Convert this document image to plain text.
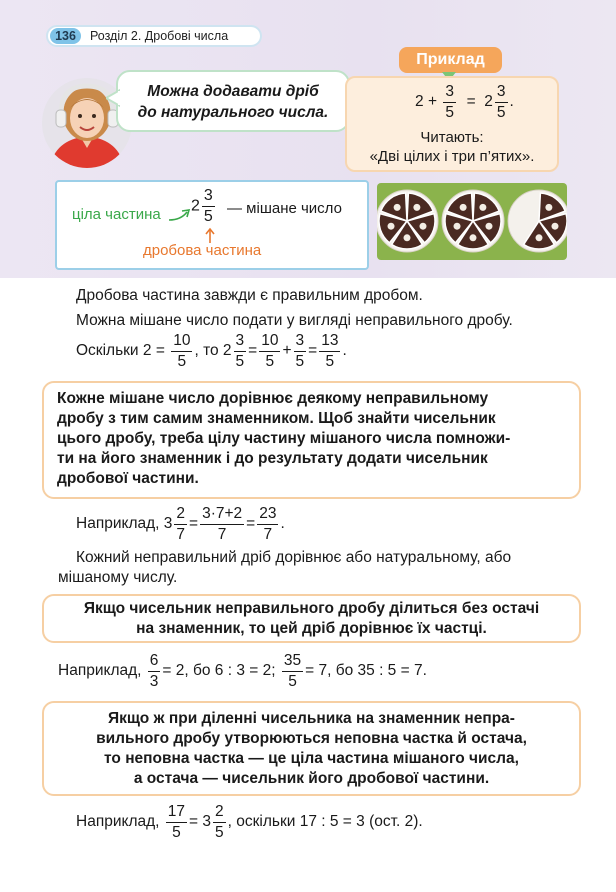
136	Розділ 2. Дробові числа
Можна додавати дріб
до натурального числа.
Приклад
$2 + \frac{3}{5} = 2 \frac{3}{5}$ .
Читають:
«Дві цілих і три п’ятих».
ціла частина $2 \frac{3}{5}$ — мішане число
дробова частина
Дробова частина завжди є правильним дробом.
Можна мішане число подати у вигляді неправильного дробу.
Оскільки $2 = \frac{10}{5}$ , то $2 \frac{3}{5} = \frac{10}{5} + \frac{3}{5} = \frac{13}{5}$ .
Кожне мішане число дорівнює деякому неправильному
дробу з тим самим знаменником. Щоб знайти чисельник
цього дробу, треба цілу частину мішаного числа помножи-
ти на його знаменник і до результату додати чисельник
дробової частини.
Наприклад, $3 \frac{2}{7} = \frac{3\cdot 7+2}{7} = \frac{23}{7}$ .
Кожний неправильний дріб дорівнює або натуральному, або
мішаному числу.
Якщо чисельник неправильного дробу ділиться без остачі
на знаменник, то цей дріб дорівнює їх частці.
Наприклад, $\frac{6}{3} = 2$, бо 6 : 3 = 2; $\frac{35}{5} = 7$, бо 35 : 5 = 7.
Якщо ж при діленні чисельника на знаменник непра-
вильного дробу утворюються неповна частка й остача,
то неповна частка — це ціла частина мішаного числа,
а остача — чисельник його дробової частини.
Наприклад, $\frac{17}{5} = 3 \frac{2}{5}$ , оскільки 17 : 5 = 3 (ост. 2).
